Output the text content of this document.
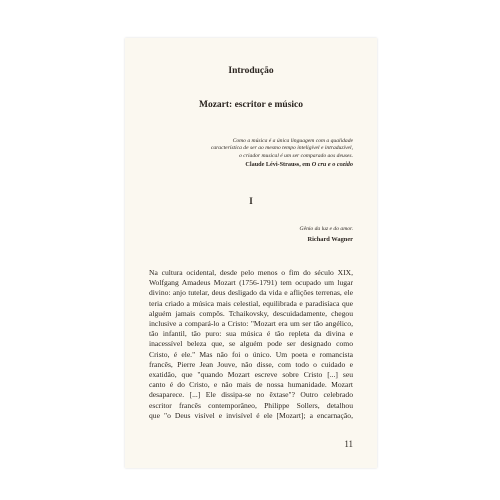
Introdução
Mozart: escritor e músico
Como a música é a única linguagem com a qualidade
característica de ser ao mesmo tempo inteligível e intraduzível,
o criador musical é um ser comparado aos deuses.
Claude Lévi-Strauss, em O cru e o cozido
I
Gênio da luz e do amor.
Richard Wagner
Na cultura ocidental, desde pelo menos o fim do século XIX,
Wolfgang Amadeus Mozart (1756-1791) tem ocupado um lugar
divino: anjo tutelar, deus desligado da vida e aflições terrenas, ele
teria criado a música mais celestial, equilibrada e paradisíaca que
alguém jamais compôs. Tchaikovsky, descuidadamente, chegou
inclusive a compará-lo a Cristo: "Mozart era um ser tão angélico,
tão infantil, tão puro: sua música é tão repleta da divina e
inacessível beleza que, se alguém pode ser designado como
Cristo, é ele." Mas não foi o único. Um poeta e romancista
francês, Pierre Jean Jouve, não disse, com todo o cuidado e
exatidão, que "quando Mozart escreve sobre Cristo [...] seu
canto é do Cristo, e não mais de nossa humanidade. Mozart
desaparece. [...] Ele dissipa-se no êxtase"? Outro celebrado
escritor francês contemporâneo, Philippe Sollers, detalhou
que "o Deus visível e invisível é ele [Mozart]; a encarnação,
11
